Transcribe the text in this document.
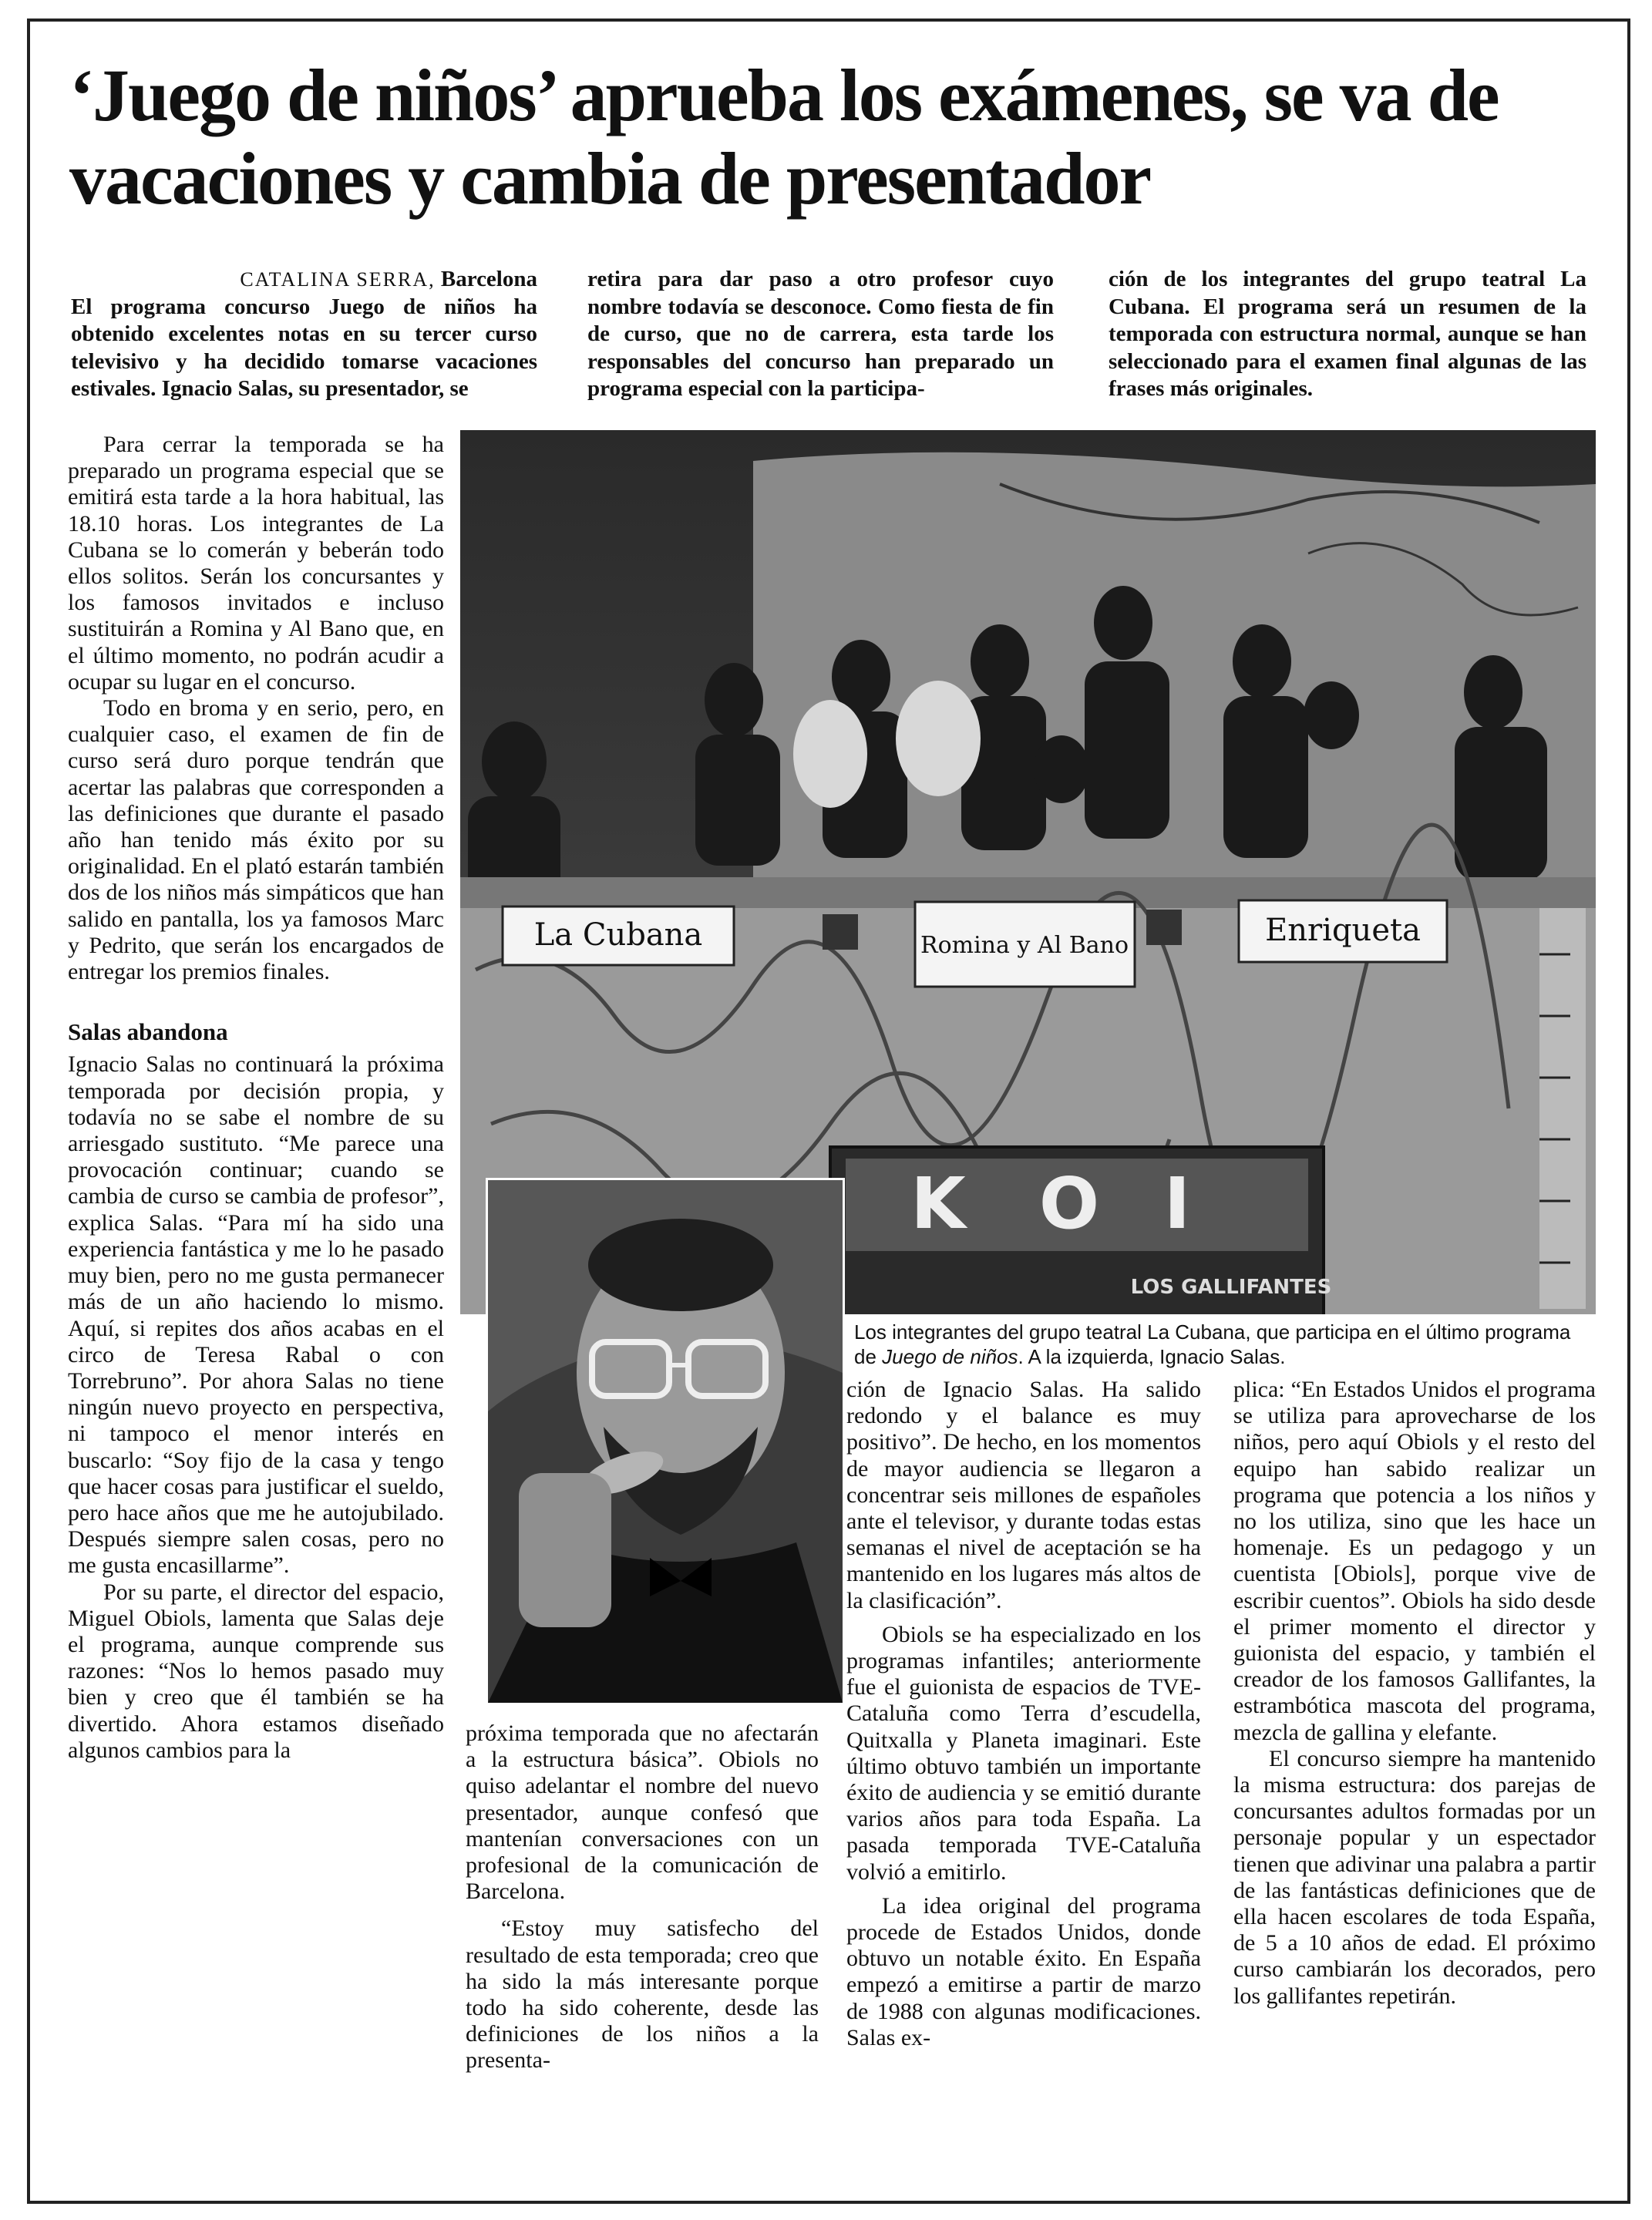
‘Juego de niños’ aprueba los exámenes, se va de vacaciones y cambia de presentador

CATALINA SERRA, Barcelona

El programa concurso Juego de niños ha obtenido excelentes notas en su tercer curso televisivo y ha decidido tomarse vacaciones estivales. Ignacio Salas, su presentador, se

retira para dar paso a otro profesor cuyo nombre todavía se desconoce. Como fiesta de fin de curso, que no de carrera, esta tarde los responsables del concurso han preparado un programa especial con la participa-

ción de los integrantes del grupo teatral La Cubana. El programa será un resumen de la temporada con estructura normal, aunque se han seleccionado para el examen final algunas de las frases más originales.

Para cerrar la temporada se ha preparado un programa especial que se emitirá esta tarde a la hora habitual, las 18.10 horas. Los integrantes de La Cubana se lo comerán y beberán todo ellos solitos. Serán los concursantes y los famosos invitados e incluso sustituirán a Romina y Al Bano que, en el último momento, no podrán acudir a ocupar su lugar en el concurso.

Todo en broma y en serio, pero, en cualquier caso, el examen de fin de curso será duro porque tendrán que acertar las palabras que corresponden a las definiciones que durante el pasado año han tenido más éxito por su originalidad. En el plató estarán también dos de los niños más simpáticos que han salido en pantalla, los ya famosos Marc y Pedrito, que serán los encargados de entregar los premios finales.

Salas abandona

Ignacio Salas no continuará la próxima temporada por decisión propia, y todavía no se sabe el nombre de su arriesgado sustituto. “Me parece una provocación continuar; cuando se cambia de curso se cambia de profesor”, explica Salas. “Para mí ha sido una experiencia fantástica y me lo he pasado muy bien, pero no me gusta permanecer más de un año haciendo lo mismo. Aquí, si repites dos años acabas en el circo de Teresa Rabal o con Torrebruno”. Por ahora Salas no tiene ningún nuevo proyecto en perspectiva, ni tampoco el menor interés en buscarlo: “Soy fijo de la casa y tengo que hacer cosas para justificar el sueldo, pero hace años que me he autojubilado. Después siempre salen cosas, pero no me gusta encasillarme”.

Por su parte, el director del espacio, Miguel Obiols, lamenta que Salas deje el programa, aunque comprende sus razones: “Nos lo hemos pasado muy bien y creo que él también se ha divertido. Ahora estamos diseñado algunos cambios para la

La Cubana	Romina y Al Bano	Enriqueta
K O I
LOS GALLIFANTES
Los integrantes del grupo teatral La Cubana, que participa en el último programa de Juego de niños. A la izquierda, Ignacio Salas.

próxima temporada que no afectarán a la estructura básica”. Obiols no quiso adelantar el nombre del nuevo presentador, aunque confesó que mantenían conversaciones con un profesional de la comunicación de Barcelona.

“Estoy muy satisfecho del resultado de esta temporada; creo que ha sido la más interesante porque todo ha sido coherente, desde las definiciones de los niños a la presenta-

ción de Ignacio Salas. Ha salido redondo y el balance es muy positivo”. De hecho, en los momentos de mayor audiencia se llegaron a concentrar seis millones de españoles ante el televisor, y durante todas estas semanas el nivel de aceptación se ha mantenido en los lugares más altos de la clasificación”.

Obiols se ha especializado en los programas infantiles; anteriormente fue el guionista de espacios de TVE-Cataluña como Terra d’escudella, Quitxalla y Planeta imaginari. Este último obtuvo también un importante éxito de audiencia y se emitió durante varios años para toda España. La pasada temporada TVE-Cataluña volvió a emitirlo.

La idea original del programa procede de Estados Unidos, donde obtuvo un notable éxito. En España empezó a emitirse a partir de marzo de 1988 con algunas modificaciones. Salas ex-

plica: “En Estados Unidos el programa se utiliza para aprovecharse de los niños, pero aquí Obiols y el resto del equipo han sabido realizar un programa que potencia a los niños y no los utiliza, sino que les hace un homenaje. Es un pedagogo y un cuentista [Obiols], porque vive de escribir cuentos”. Obiols ha sido desde el primer momento el director y guionista del espacio, y también el creador de los famosos Gallifantes, la estrambótica mascota del programa, mezcla de gallina y elefante.

El concurso siempre ha mantenido la misma estructura: dos parejas de concursantes adultos formadas por un personaje popular y un espectador tienen que adivinar una palabra a partir de las fantásticas definiciones que de ella hacen escolares de toda España, de 5 a 10 años de edad. El próximo curso cambiarán los decorados, pero los gallifantes repetirán.
